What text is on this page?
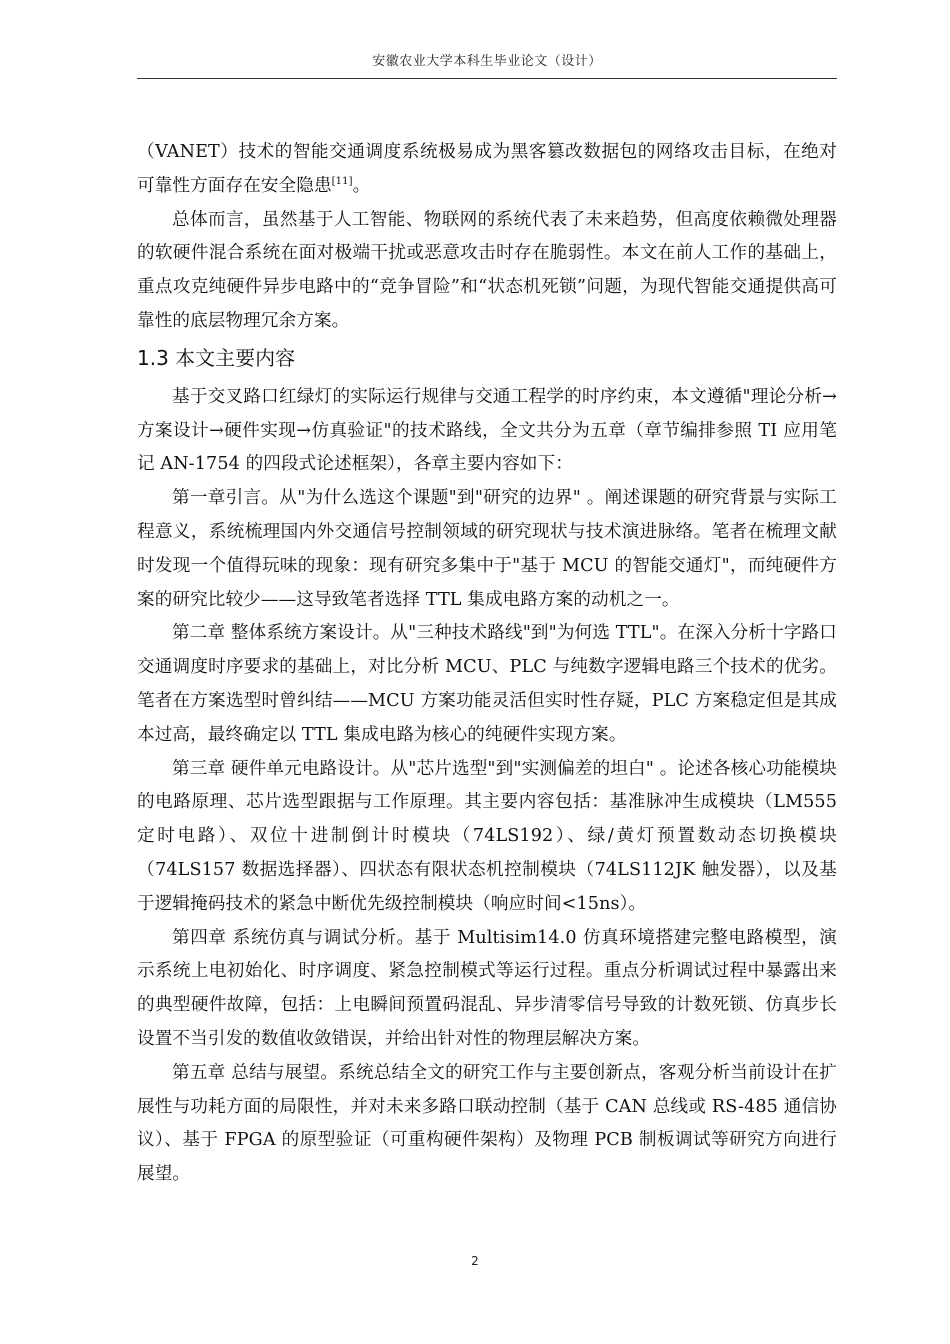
安徽农业大学本科生毕业论文（设计）

（VANET）技术的智能交通调度系统极易成为黑客篡改数据包的网络攻击目标，在绝对可靠性方面存在安全隐患[11]。

总体而言，虽然基于人工智能、物联网的系统代表了未来趋势，但高度依赖微处理器的软硬件混合系统在面对极端干扰或恶意攻击时存在脆弱性。本文在前人工作的基础上，重点攻克纯硬件异步电路中的“竞争冒险”和“状态机死锁”问题，为现代智能交通提供高可靠性的底层物理冗余方案。

1.3 本文主要内容

基于交叉路口红绿灯的实际运行规律与交通工程学的时序约束，本文遵循"理论分析→方案设计→硬件实现→仿真验证"的技术路线，全文共分为五章（章节编排参照 TI 应用笔记 AN-1754 的四段式论述框架），各章主要内容如下：

第一章引言。从"为什么选这个课题"到"研究的边界" 。阐述课题的研究背景与实际工程意义，系统梳理国内外交通信号控制领域的研究现状与技术演进脉络。笔者在梳理文献时发现一个值得玩味的现象：现有研究多集中于"基于 MCU 的智能交通灯"，而纯硬件方案的研究比较少——这导致笔者选择 TTL 集成电路方案的动机之一。

第二章 整体系统方案设计。从"三种技术路线"到"为何选 TTL"。在深入分析十字路口交通调度时序要求的基础上，对比分析 MCU、PLC 与纯数字逻辑电路三个技术的优劣。笔者在方案选型时曾纠结——MCU 方案功能灵活但实时性存疑，PLC 方案稳定但是其成本过高，最终确定以 TTL 集成电路为核心的纯硬件实现方案。

第三章 硬件单元电路设计。从"芯片选型"到"实测偏差的坦白" 。论述各核心功能模块的电路原理、芯片选型跟据与工作原理。其主要内容包括：基准脉冲生成模块（LM555 定时电路）、双位十进制倒计时模块（74LS192）、绿/黄灯预置数动态切换模块（74LS157 数据选择器）、四状态有限状态机控制模块（74LS112JK 触发器），以及基于逻辑掩码技术的紧急中断优先级控制模块（响应时间<15ns）。

第四章 系统仿真与调试分析。基于 Multisim14.0 仿真环境搭建完整电路模型，演示系统上电初始化、时序调度、紧急控制模式等运行过程。重点分析调试过程中暴露出来的典型硬件故障，包括：上电瞬间预置码混乱、异步清零信号导致的计数死锁、仿真步长设置不当引发的数值收敛错误，并给出针对性的物理层解决方案。

第五章 总结与展望。系统总结全文的研究工作与主要创新点，客观分析当前设计在扩展性与功耗方面的局限性，并对未来多路口联动控制（基于 CAN 总线或 RS-485 通信协议）、基于 FPGA 的原型验证（可重构硬件架构）及物理 PCB 制板调试等研究方向进行展望。

2
